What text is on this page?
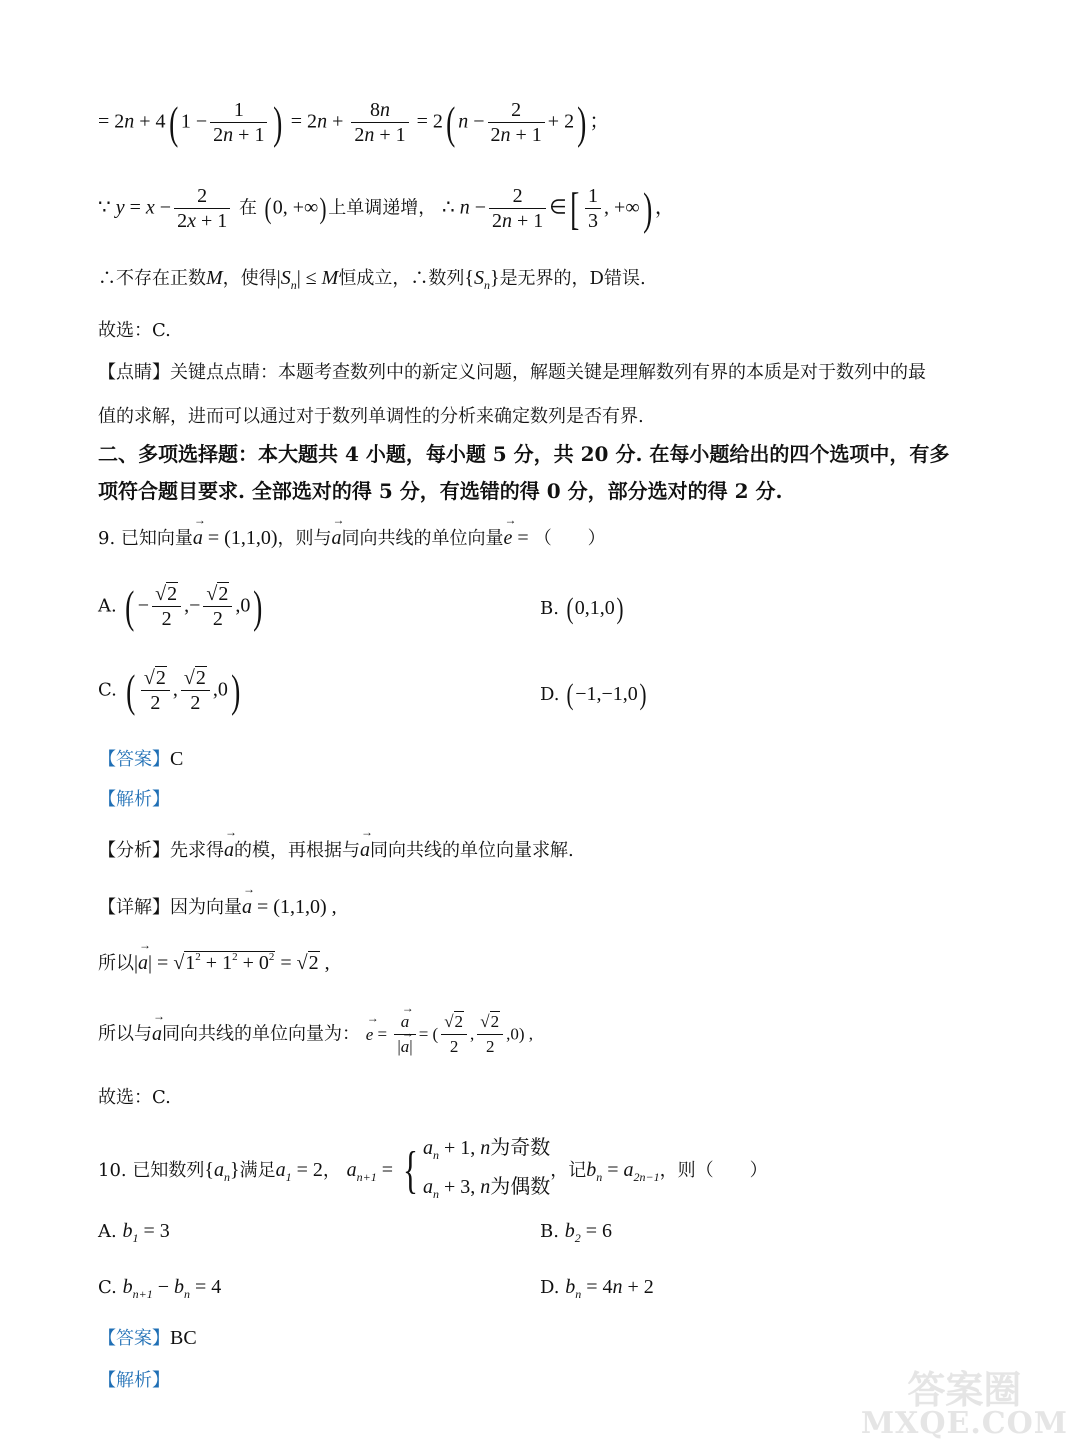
= 2n + 4( $1 - \frac{1}{2n + 1}$ ) = $2n + \frac{8n}{2n + 1} = 2$( $n - \frac{2}{2n + 1} + 2$) ；
∵ $y = x - \frac{2}{2x + 1}$ 在 (0, +∞)上单调递增， ∴ $n - \frac{2}{2n + 1}$ ∈[ $\frac{1}{3}$ , +∞) ，
∴不存在正数M，使得$|S_n| \le M$恒成立，∴数列$\{S_n\}$是无界的，D错误.
故选：C.
【点睛】关键点点睛：本题考查数列中的新定义问题，解题关键是理解数列有界的本质是对于数列中的最
值的求解，进而可以通过对于数列单调性的分析来确定数列是否有界.
二、多项选择题：本大题共 4 小题，每小题 5 分，共 20 分. 在每小题给出的四个选项中，有多
项符合题目要求. 全部选对的得 5 分，有选错的得 0 分，部分选对的得 2 分.
9. 已知向量→ a = (1,1,0)，则与→ a同向共线的单位向量→ e = （　　）
A. ( − $\frac{√2}{2}$ ,− $\frac{√2}{2} ,0$)	B. (0,1,0)
C. ( $\frac{√2}{2}$ , $\frac{√2}{2} ,0$)	D. (−1,−1,0)
【答案】C
【解析】
【分析】先求得→ a的模，再根据与→ a同向共线的单位向量求解.
【详解】因为向量→ a = (1,1,0) ,
所以|→ $a| = √1^2 + 1^2 + 0^2 = √2$ ,
所以与→ a同向共线的单位向量为： → e = → $\frac{a}{|\to a|}$ = ( $\frac{√2}{2}$ , $\frac{√2}{2} ,0$) ,
故选：C.
10. 已知数列$\{a_n\}$满足$a_1 = 2$， $a_{n+1}$ = { $a_n + 1$, n为奇数
$a_n + 3$, n为偶数
，记$b_n = a_{2n-1}$，则（　　）
A. $b_1 = 3$	B. $b_2 = 6$
C. $b_{n+1} - b_n = 4$	D. $b_n = 4n + 2$
【答案】BC
【解析】	答案圈
MXQE.COM
